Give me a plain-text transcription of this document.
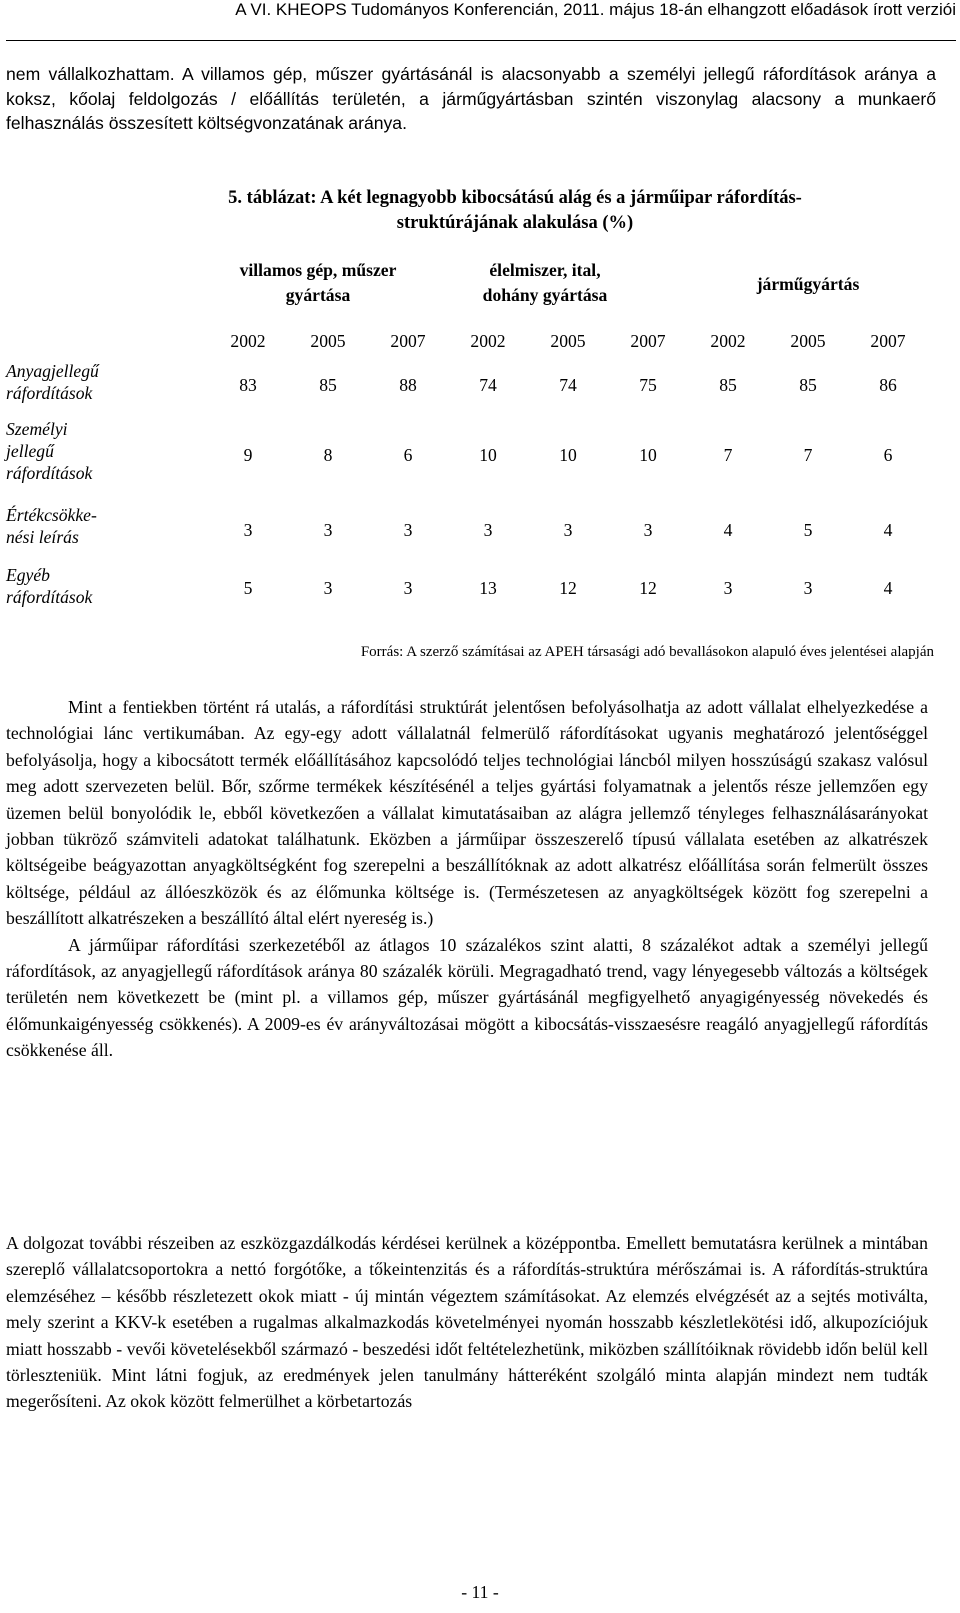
A VI. KHEOPS Tudományos Konferencián, 2011. május 18-án elhangzott előadások írott verziói
nem vállalkozhattam. A villamos gép, műszer gyártásánál is alacsonyabb a személyi jellegű ráfordítások aránya a koksz, kőolaj feldolgozás / előállítás területén, a járműgyártásban szintén viszonylag alacsony a munkaerő felhasználás összesített költségvonzatának aránya.
5. táblázat: A két legnagyobb kibocsátású alág és a járműipar ráfordítás-
struktúrájának alakulása (%)
villamos gép, műszer
gyártása
élelmiszer, ital,
dohány gyártása
járműgyártás
2002	2005	2007	2002	2005	2007	2002	2005	2007
Anyagjellegű
ráfordítások	83	85	88	74	74	75	85	85	86
Személyi
jellegű
ráfordítások
9	8	6	10	10	10	7	7	6
Értékcsökke-
nési leírás	3	3	3	3	3	3	4	5	4
Egyéb
ráfordítások	5	3	3	13	12	12	3	3	4
Forrás: A szerző számításai az APEH társasági adó bevallásokon alapuló éves jelentései alapján

Mint a fentiekben történt rá utalás, a ráfordítási struktúrát jelentősen befolyásolhatja az adott vállalat elhelyezkedése a technológiai lánc vertikumában. Az egy-egy adott vállalatnál felmerülő ráfordításokat ugyanis meghatározó jelentőséggel befolyásolja, hogy a kibocsátott termék előállításához kapcsolódó teljes technológiai láncból milyen hosszúságú szakasz valósul meg adott szervezeten belül. Bőr, szőrme termékek készítésénél a teljes gyártási folyamatnak a jelentős része jellemzően egy üzemen belül bonyolódik le, ebből következően a vállalat kimutatásaiban az alágra jellemző tényleges felhasználásarányokat jobban tükröző számviteli adatokat találhatunk. Eközben a járműipar összeszerelő típusú vállalata esetében az alkatrészek költségeibe beágyazottan anyagköltségként fog szerepelni a beszállítóknak az adott alkatrész előállítása során felmerült összes költsége, például az állóeszközök és az élőmunka költsége is. (Természetesen az anyagköltségek között fog szerepelni a beszállított alkatrészeken a beszállító által elért nyereség is.)

A járműipar ráfordítási szerkezetéből az átlagos 10 százalékos szint alatti, 8 százalékot adtak a személyi jellegű ráfordítások, az anyagjellegű ráfordítások aránya 80 százalék körüli. Megragadható trend, vagy lényegesebb változás a költségek területén nem következett be (mint pl. a villamos gép, műszer gyártásánál megfigyelhető anyagigényesség növekedés és élőmunkaigényesség csökkenés). A 2009-es év arányváltozásai mögött a kibocsátás-visszaesésre reagáló anyagjellegű ráfordítás csökkenése áll.

A dolgozat további részeiben az eszközgazdálkodás kérdései kerülnek a középpontba. Emellett bemutatásra kerülnek a mintában szereplő vállalatcsoportokra a nettó forgótőke, a tőkeintenzitás és a ráfordítás-struktúra mérőszámai is. A ráfordítás-struktúra elemzéséhez – később részletezett okok miatt - új mintán végeztem számításokat. Az elemzés elvégzését az a sejtés motiválta, mely szerint a KKV-k esetében a rugalmas alkalmazkodás követelményei nyomán hosszabb készletlekötési idő, alkupozíciójuk miatt hosszabb - vevői követelésekből származó - beszedési időt feltételezhetünk, miközben szállítóiknak rövidebb időn belül kell törleszteniük. Mint látni fogjuk, az eredmények jelen tanulmány hátteréként szolgáló minta alapján mindezt nem tudták megerősíteni. Az okok között felmerülhet a körbetartozás

- 11 -
